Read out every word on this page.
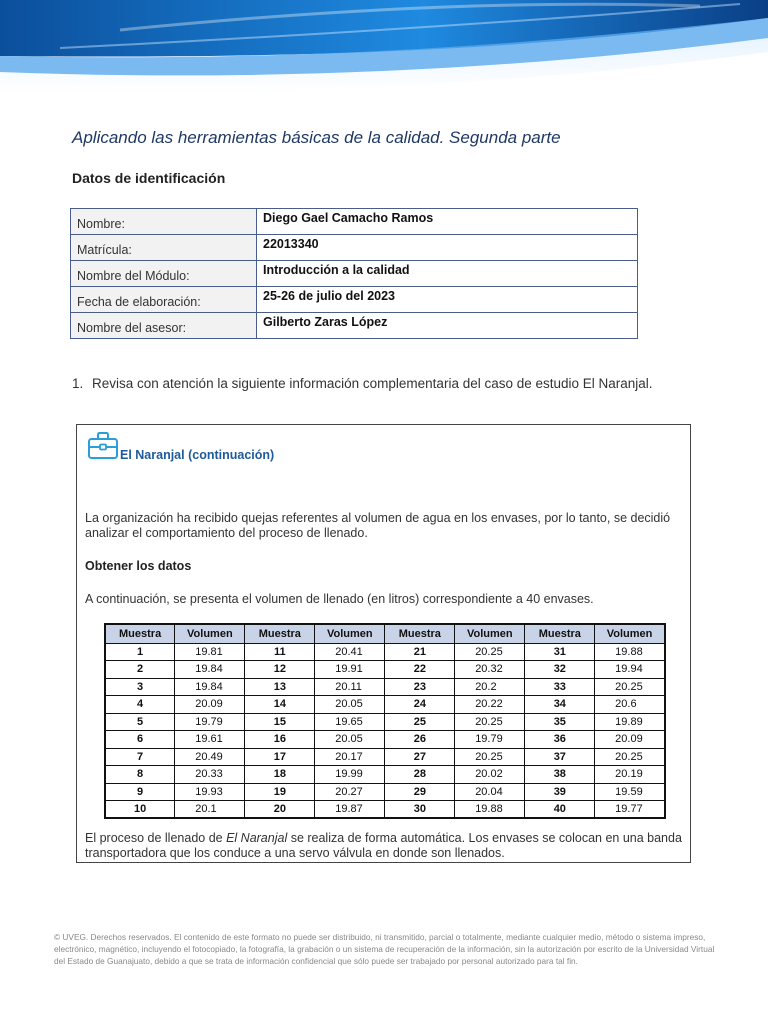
Aplicando las herramientas básicas de la calidad. Segunda parte
Datos de identificación
Nombre:	Diego Gael Camacho Ramos
Matrícula:	22013340
Nombre del Módulo:	Introducción a la calidad
Fecha de elaboración:	25-26 de julio del 2023
Nombre del asesor:	Gilberto Zaras López

1. Revisa con atención la siguiente información complementaria del caso de estudio El Naranjal.

El Naranjal (continuación)

La organización ha recibido quejas referentes al volumen de agua en los envases, por lo tanto, se decidió analizar el comportamiento del proceso de llenado.

Obtener los datos

A continuación, se presenta el volumen de llenado (en litros) correspondiente a 40 envases.

Muestra	Volumen	Muestra	Volumen	Muestra	Volumen	Muestra	Volumen
1	19.81	11	20.41	21	20.25	31	19.88
2	19.84	12	19.91	22	20.32	32	19.94
3	19.84	13	20.11	23	20.2	33	20.25
4	20.09	14	20.05	24	20.22	34	20.6
5	19.79	15	19.65	25	20.25	35	19.89
6	19.61	16	20.05	26	19.79	36	20.09
7	20.49	17	20.17	27	20.25	37	20.25
8	20.33	18	19.99	28	20.02	38	20.19
9	19.93	19	20.27	29	20.04	39	19.59
10	20.1	20	19.87	30	19.88	40	19.77

El proceso de llenado de El Naranjal se realiza de forma automática. Los envases se colocan en una banda transportadora que los conduce a una servo válvula en donde son llenados.

© UVEG. Derechos reservados. El contenido de este formato no puede ser distribuido, ni transmitido, parcial o totalmente, mediante cualquier medio, método o sistema impreso, electrónico, magnético, incluyendo el fotocopiado, la fotografía, la grabación o un sistema de recuperación de la información, sin la autorización por escrito de la Universidad Virtual del Estado de Guanajuato, debido a que se trata de información confidencial que sólo puede ser trabajado por personal autorizado para tal fin.
